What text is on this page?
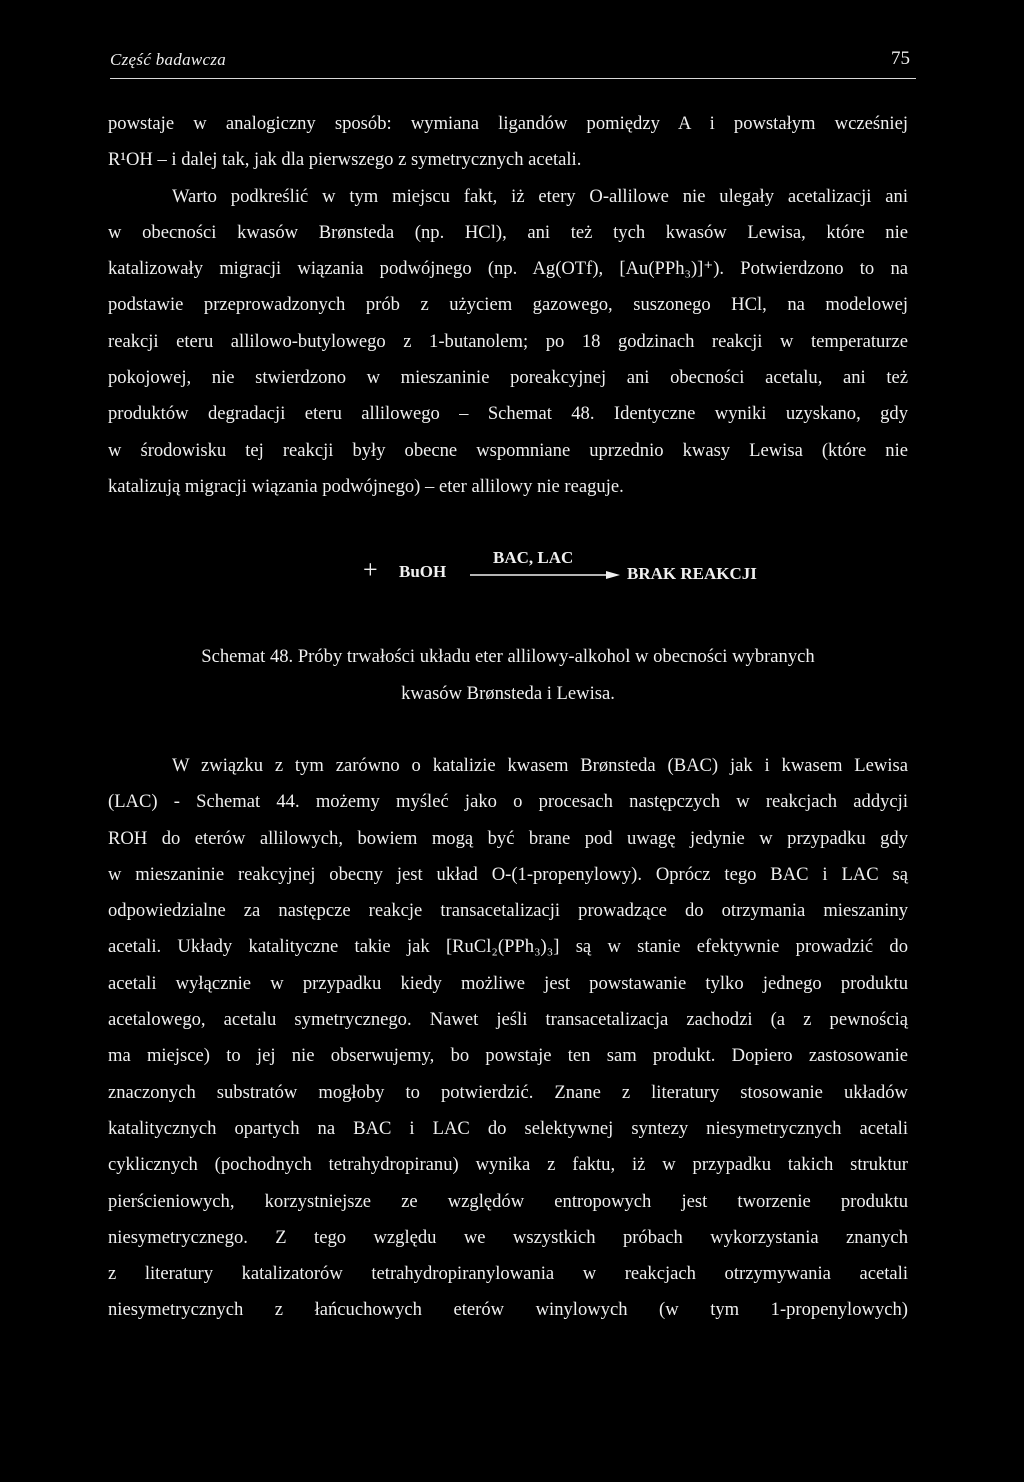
Część badawcza	75
powstaje w analogiczny sposób: wymiana ligandów pomiędzy A i powstałym wcześniej
R¹OH – i dalej tak, jak dla pierwszego z symetrycznych acetali.
Warto podkreślić w tym miejscu fakt, iż etery O-allilowe nie ulegały acetalizacji ani
w obecności kwasów Brønsteda (np. HCl), ani też tych kwasów Lewisa, które nie
katalizowały migracji wiązania podwójnego (np. Ag(OTf), [Au(PPh₃)]⁺). Potwierdzono to na
podstawie przeprowadzonych prób z użyciem gazowego, suszonego HCl, na modelowej
reakcji eteru allilowo-butylowego z 1-butanolem; po 18 godzinach reakcji w temperaturze
pokojowej, nie stwierdzono w mieszaninie poreakcyjnej ani obecności acetalu, ani też
produktów degradacji eteru allilowego – Schemat 48. Identyczne wyniki uzyskano, gdy
w środowisku tej reakcji były obecne wspomniane uprzednio kwasy Lewisa (które nie
katalizują migracji wiązania podwójnego) – eter allilowy nie reaguje.
+ BuOH
BAC, LAC
BRAK REAKCJI
Schemat 48. Próby trwałości układu eter allilowy-alkohol w obecności wybranych
kwasów Brønsteda i Lewisa.
W związku z tym zarówno o katalizie kwasem Brønsteda (BAC) jak i kwasem Lewisa
(LAC) - Schemat 44. możemy myśleć jako o procesach następczych w reakcjach addycji
ROH do eterów allilowych, bowiem mogą być brane pod uwagę jedynie w przypadku gdy
w mieszaninie reakcyjnej obecny jest układ O-(1-propenylowy). Oprócz tego BAC i LAC są
odpowiedzialne za następcze reakcje transacetalizacji prowadzące do otrzymania mieszaniny
acetali. Układy katalityczne takie jak [RuCl₂(PPh₃)₃] są w stanie efektywnie prowadzić do
acetali wyłącznie w przypadku kiedy możliwe jest powstawanie tylko jednego produktu
acetalowego, acetalu symetrycznego. Nawet jeśli transacetalizacja zachodzi (a z pewnością
ma miejsce) to jej nie obserwujemy, bo powstaje ten sam produkt. Dopiero zastosowanie
znaczonych substratów mogłoby to potwierdzić. Znane z literatury stosowanie układów
katalitycznych opartych na BAC i LAC do selektywnej syntezy niesymetrycznych acetali
cyklicznych (pochodnych tetrahydropiranu) wynika z faktu, iż w przypadku takich struktur
pierścieniowych, korzystniejsze ze względów entropowych jest tworzenie produktu
niesymetrycznego. Z tego względu we wszystkich próbach wykorzystania znanych
z literatury katalizatorów tetrahydropiranylowania w reakcjach otrzymywania acetali
niesymetrycznych z łańcuchowych eterów winylowych (w tym 1-propenylowych)
